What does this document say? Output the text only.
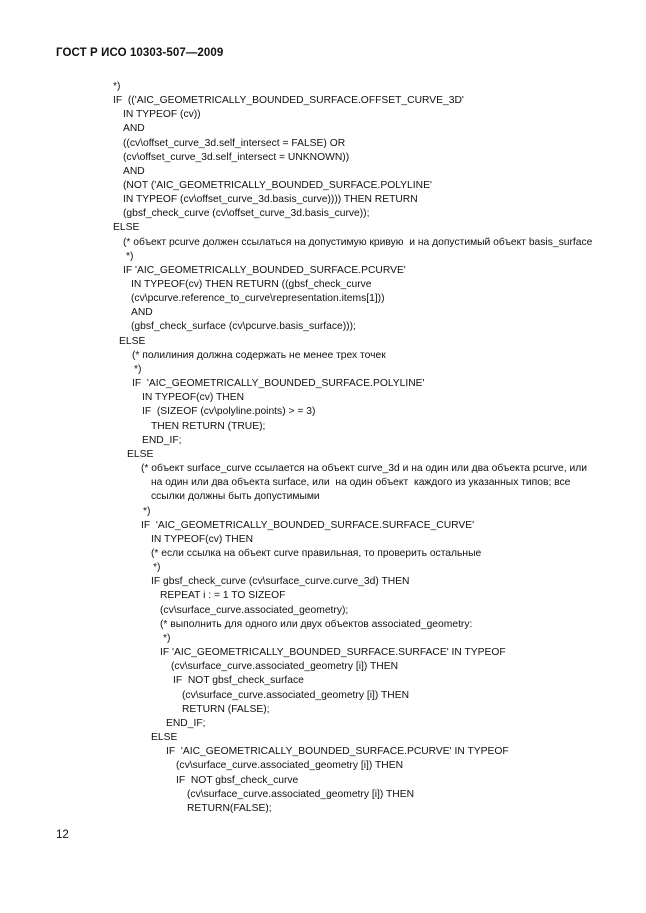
ГОСТ Р ИСО 10303-507—2009
*)
IF  (('AIC_GEOMETRICALLY_BOUNDED_SURFACE.OFFSET_CURVE_3D'
IN TYPEOF (cv))
AND
((cv\offset_curve_3d.self_intersect = FALSE) OR
(cv\offset_curve_3d.self_intersect = UNKNOWN))
AND
(NOT ('AIC_GEOMETRICALLY_BOUNDED_SURFACE.POLYLINE'
IN TYPEOF (cv\offset_curve_3d.basis_curve)))) THEN RETURN
(gbsf_check_curve (cv\offset_curve_3d.basis_curve));
ELSE
(* объект pcurve должен ссылаться на допустимую кривую  и на допустимый объект basis_surface
*)
IF 'AIC_GEOMETRICALLY_BOUNDED_SURFACE.PCURVE'
IN TYPEOF(cv) THEN RETURN ((gbsf_check_curve
(cv\pcurve.reference_to_curve\representation.items[1]))
AND
(gbsf_check_surface (cv\pcurve.basis_surface)));
ELSE
(* полилиния должна содержать не менее трех точек
*)
IF  'AIC_GEOMETRICALLY_BOUNDED_SURFACE.POLYLINE'
IN TYPEOF(cv) THEN
IF  (SIZEOF (cv\polyline.points) > = 3)
THEN RETURN (TRUE);
END_IF;
ELSE
(* объект surface_curve ссылается на объект curve_3d и на один или два объекта pcurve, или
на один или два объекта surface, или  на один объект  каждого из указанных типов; все
ссылки должны быть допустимыми
*)
IF  'AIC_GEOMETRICALLY_BOUNDED_SURFACE.SURFACE_CURVE'
IN TYPEOF(cv) THEN
(* если ссылка на объект curve правильная, то проверить остальные
*)
IF gbsf_check_curve (cv\surface_curve.curve_3d) THEN
REPEAT i : = 1 TO SIZEOF
(cv\surface_curve.associated_geometry);
(* выполнить для одного или двух объектов associated_geometry:
*)
IF 'AIC_GEOMETRICALLY_BOUNDED_SURFACE.SURFACE' IN TYPEOF
(cv\surface_curve.associated_geometry [i]) THEN
IF  NOT gbsf_check_surface
(cv\surface_curve.associated_geometry [i]) THEN
RETURN (FALSE);
END_IF;
ELSE
IF  'AIC_GEOMETRICALLY_BOUNDED_SURFACE.PCURVE' IN TYPEOF
(cv\surface_curve.associated_geometry [i]) THEN
IF  NOT gbsf_check_curve
(cv\surface_curve.associated_geometry [i]) THEN
RETURN(FALSE);
12
